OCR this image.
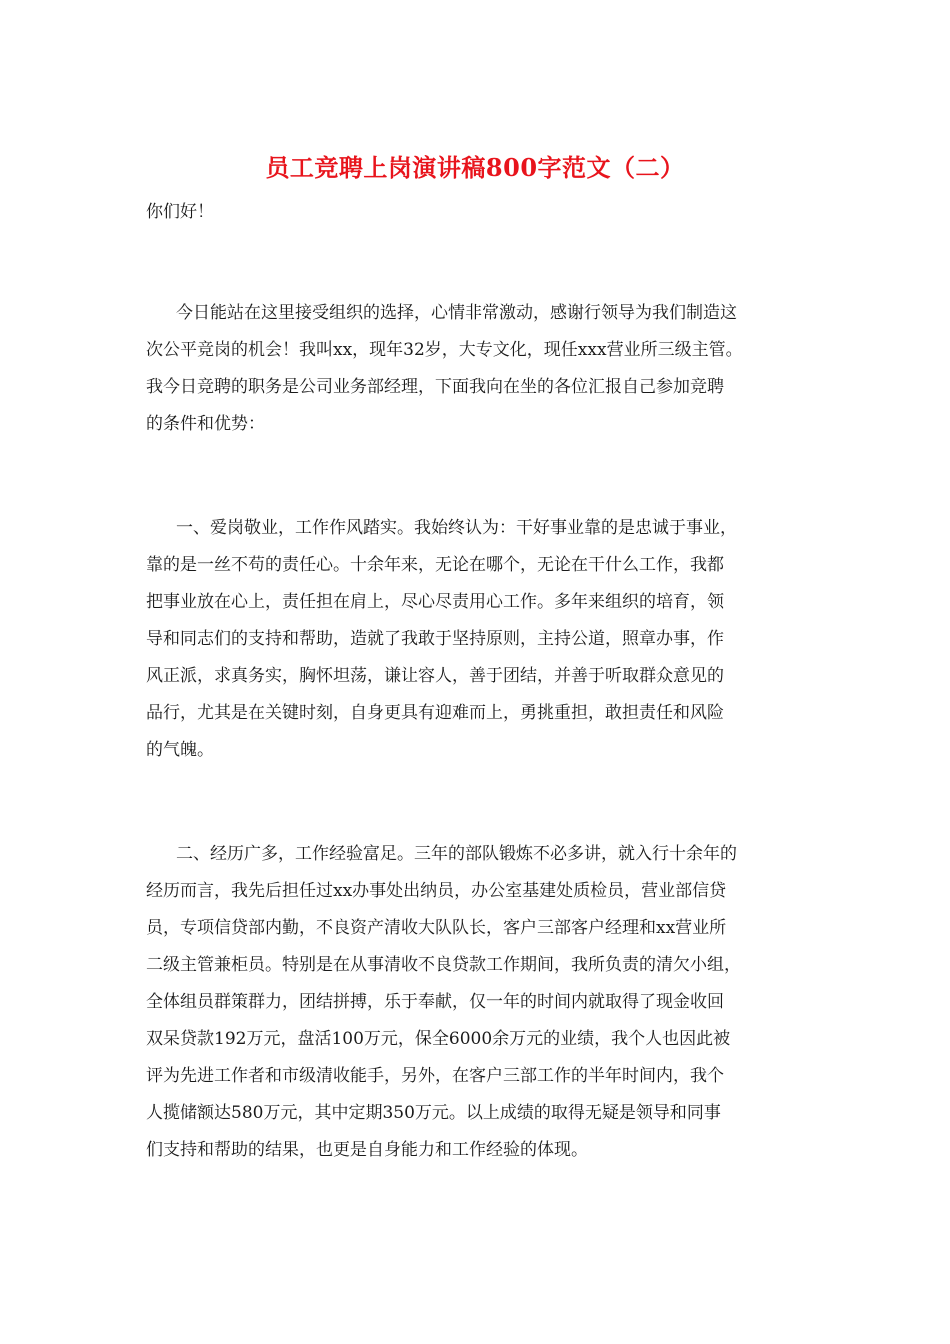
员工竞聘上岗演讲稿800字范文（二）
你们好！
今日能站在这里接受组织的选择，心情非常激动，感谢行领导为我们制造这
次公平竞岗的机会！我叫xx，现年32岁，大专文化，现任xxx营业所三级主管。
我今日竞聘的职务是公司业务部经理，下面我向在坐的各位汇报自己参加竞聘
的条件和优势：
一、爱岗敬业，工作作风踏实。我始终认为：干好事业靠的是忠诚于事业，
靠的是一丝不苟的责任心。十余年来，无论在哪个，无论在干什么工作，我都
把事业放在心上，责任担在肩上，尽心尽责用心工作。多年来组织的培育，领
导和同志们的支持和帮助，造就了我敢于坚持原则，主持公道，照章办事，作
风正派，求真务实，胸怀坦荡，谦让容人，善于团结，并善于听取群众意见的
品行，尤其是在关键时刻，自身更具有迎难而上，勇挑重担，敢担责任和风险
的气魄。
二、经历广多，工作经验富足。三年的部队锻炼不必多讲，就入行十余年的
经历而言，我先后担任过xx办事处出纳员，办公室基建处质检员，营业部信贷
员，专项信贷部内勤，不良资产清收大队队长，客户三部客户经理和xx营业所
二级主管兼柜员。特别是在从事清收不良贷款工作期间，我所负责的清欠小组，
全体组员群策群力，团结拼搏，乐于奉献，仅一年的时间内就取得了现金收回
双呆贷款192万元，盘活100万元，保全6000余万元的业绩，我个人也因此被
评为先进工作者和市级清收能手，另外，在客户三部工作的半年时间内，我个
人揽储额达580万元，其中定期350万元。以上成绩的取得无疑是领导和同事
们支持和帮助的结果，也更是自身能力和工作经验的体现。
